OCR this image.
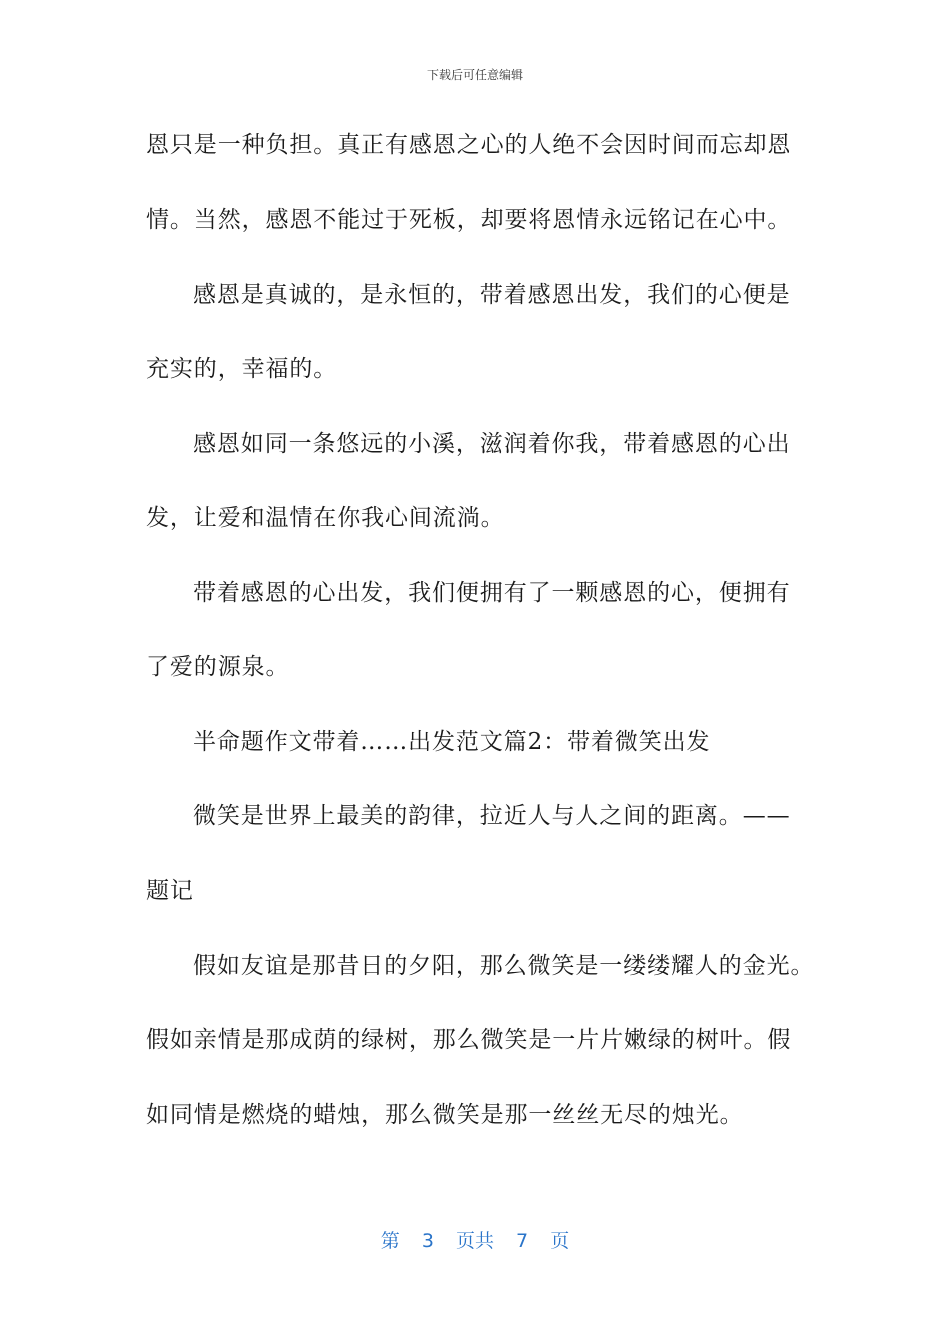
下载后可任意编辑
恩只是一种负担。真正有感恩之心的人绝不会因时间而忘却恩
情。当然，感恩不能过于死板，却要将恩情永远铭记在心中。
感恩是真诚的，是永恒的，带着感恩出发，我们的心便是
充实的，幸福的。
感恩如同一条悠远的小溪，滋润着你我，带着感恩的心出
发，让爱和温情在你我心间流淌。
带着感恩的心出发，我们便拥有了一颗感恩的心，便拥有
了爱的源泉。
半命题作文带着……出发范文篇2：带着微笑出发
微笑是世界上最美的韵律，拉近人与人之间的距离。——
题记
假如友谊是那昔日的夕阳，那么微笑是一缕缕耀人的金光。
假如亲情是那成荫的绿树，那么微笑是一片片嫩绿的树叶。假
如同情是燃烧的蜡烛，那么微笑是那一丝丝无尽的烛光。
第 3 页共 7 页
